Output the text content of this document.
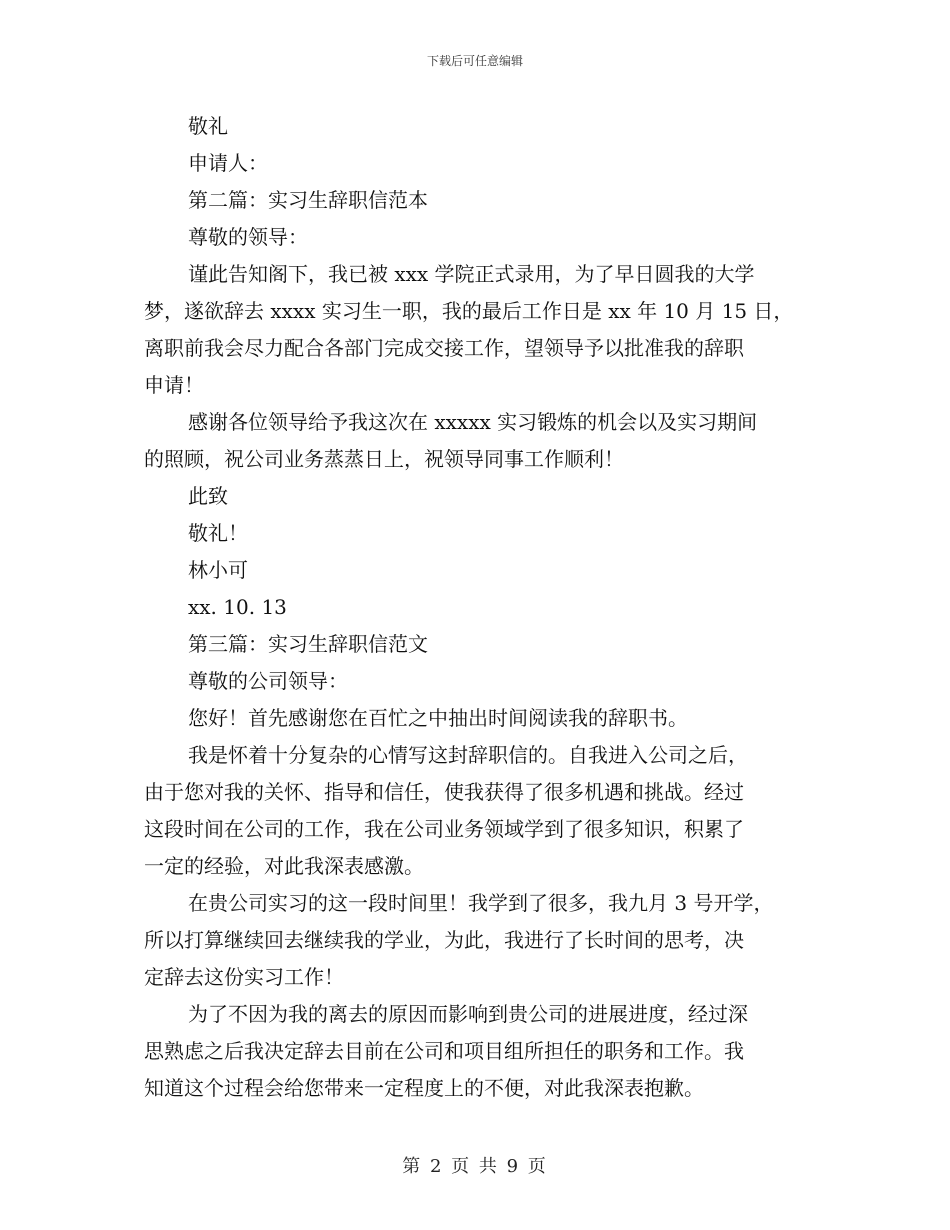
下载后可任意编辑
敬礼
申请人：
第二篇：实习生辞职信范本
尊敬的领导：
谨此告知阁下，我已被 xxx 学院正式录用，为了早日圆我的大学
梦，遂欲辞去 xxxx 实习生一职，我的最后工作日是 xx 年 10 月 15 日，
离职前我会尽力配合各部门完成交接工作，望领导予以批准我的辞职
申请！
感谢各位领导给予我这次在 xxxxx 实习锻炼的机会以及实习期间
的照顾，祝公司业务蒸蒸日上，祝领导同事工作顺利！
此致
敬礼！
林小可
xx. 10. 13
第三篇：实习生辞职信范文
尊敬的公司领导：
您好！首先感谢您在百忙之中抽出时间阅读我的辞职书。
我是怀着十分复杂的心情写这封辞职信的。自我进入公司之后，
由于您对我的关怀、指导和信任，使我获得了很多机遇和挑战。经过
这段时间在公司的工作，我在公司业务领域学到了很多知识，积累了
一定的经验，对此我深表感激。
在贵公司实习的这一段时间里！我学到了很多，我九月 3 号开学，
所以打算继续回去继续我的学业，为此，我进行了长时间的思考，决
定辞去这份实习工作！
为了不因为我的离去的原因而影响到贵公司的进展进度，经过深
思熟虑之后我决定辞去目前在公司和项目组所担任的职务和工作。我
知道这个过程会给您带来一定程度上的不便，对此我深表抱歉。
第 2 页 共 9 页
